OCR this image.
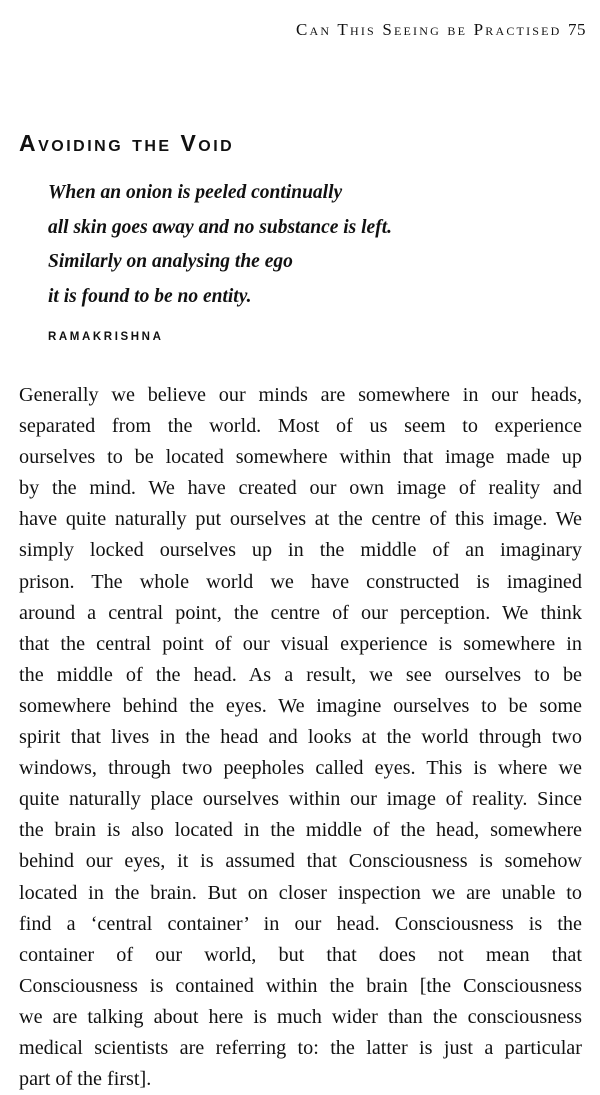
Can This Seeing be Practised 75
Avoiding the Void
When an onion is peeled continually
all skin goes away and no substance is left.
Similarly on analysing the ego
it is found to be no entity.
RAMAKRISHNA
Generally we believe our minds are somewhere in our heads,
separated from the world. Most of us seem to experience
ourselves to be located somewhere within that image made up
by the mind. We have created our own image of reality and
have quite naturally put ourselves at the centre of this image. We
simply locked ourselves up in the middle of an imaginary
prison. The whole world we have constructed is imagined
around a central point, the centre of our perception. We think
that the central point of our visual experience is somewhere in
the middle of the head. As a result, we see ourselves to be
somewhere behind the eyes. We imagine ourselves to be some
spirit that lives in the head and looks at the world through two
windows, through two peepholes called eyes. This is where we
quite naturally place ourselves within our image of reality. Since
the brain is also located in the middle of the head, somewhere
behind our eyes, it is assumed that Consciousness is somehow
located in the brain. But on closer inspection we are unable to
find a ‘central container’ in our head. Consciousness is the
container of our world, but that does not mean that
Consciousness is contained within the brain [the Consciousness
we are talking about here is much wider than the consciousness
medical scientists are referring to: the latter is just a particular
part of the first].
